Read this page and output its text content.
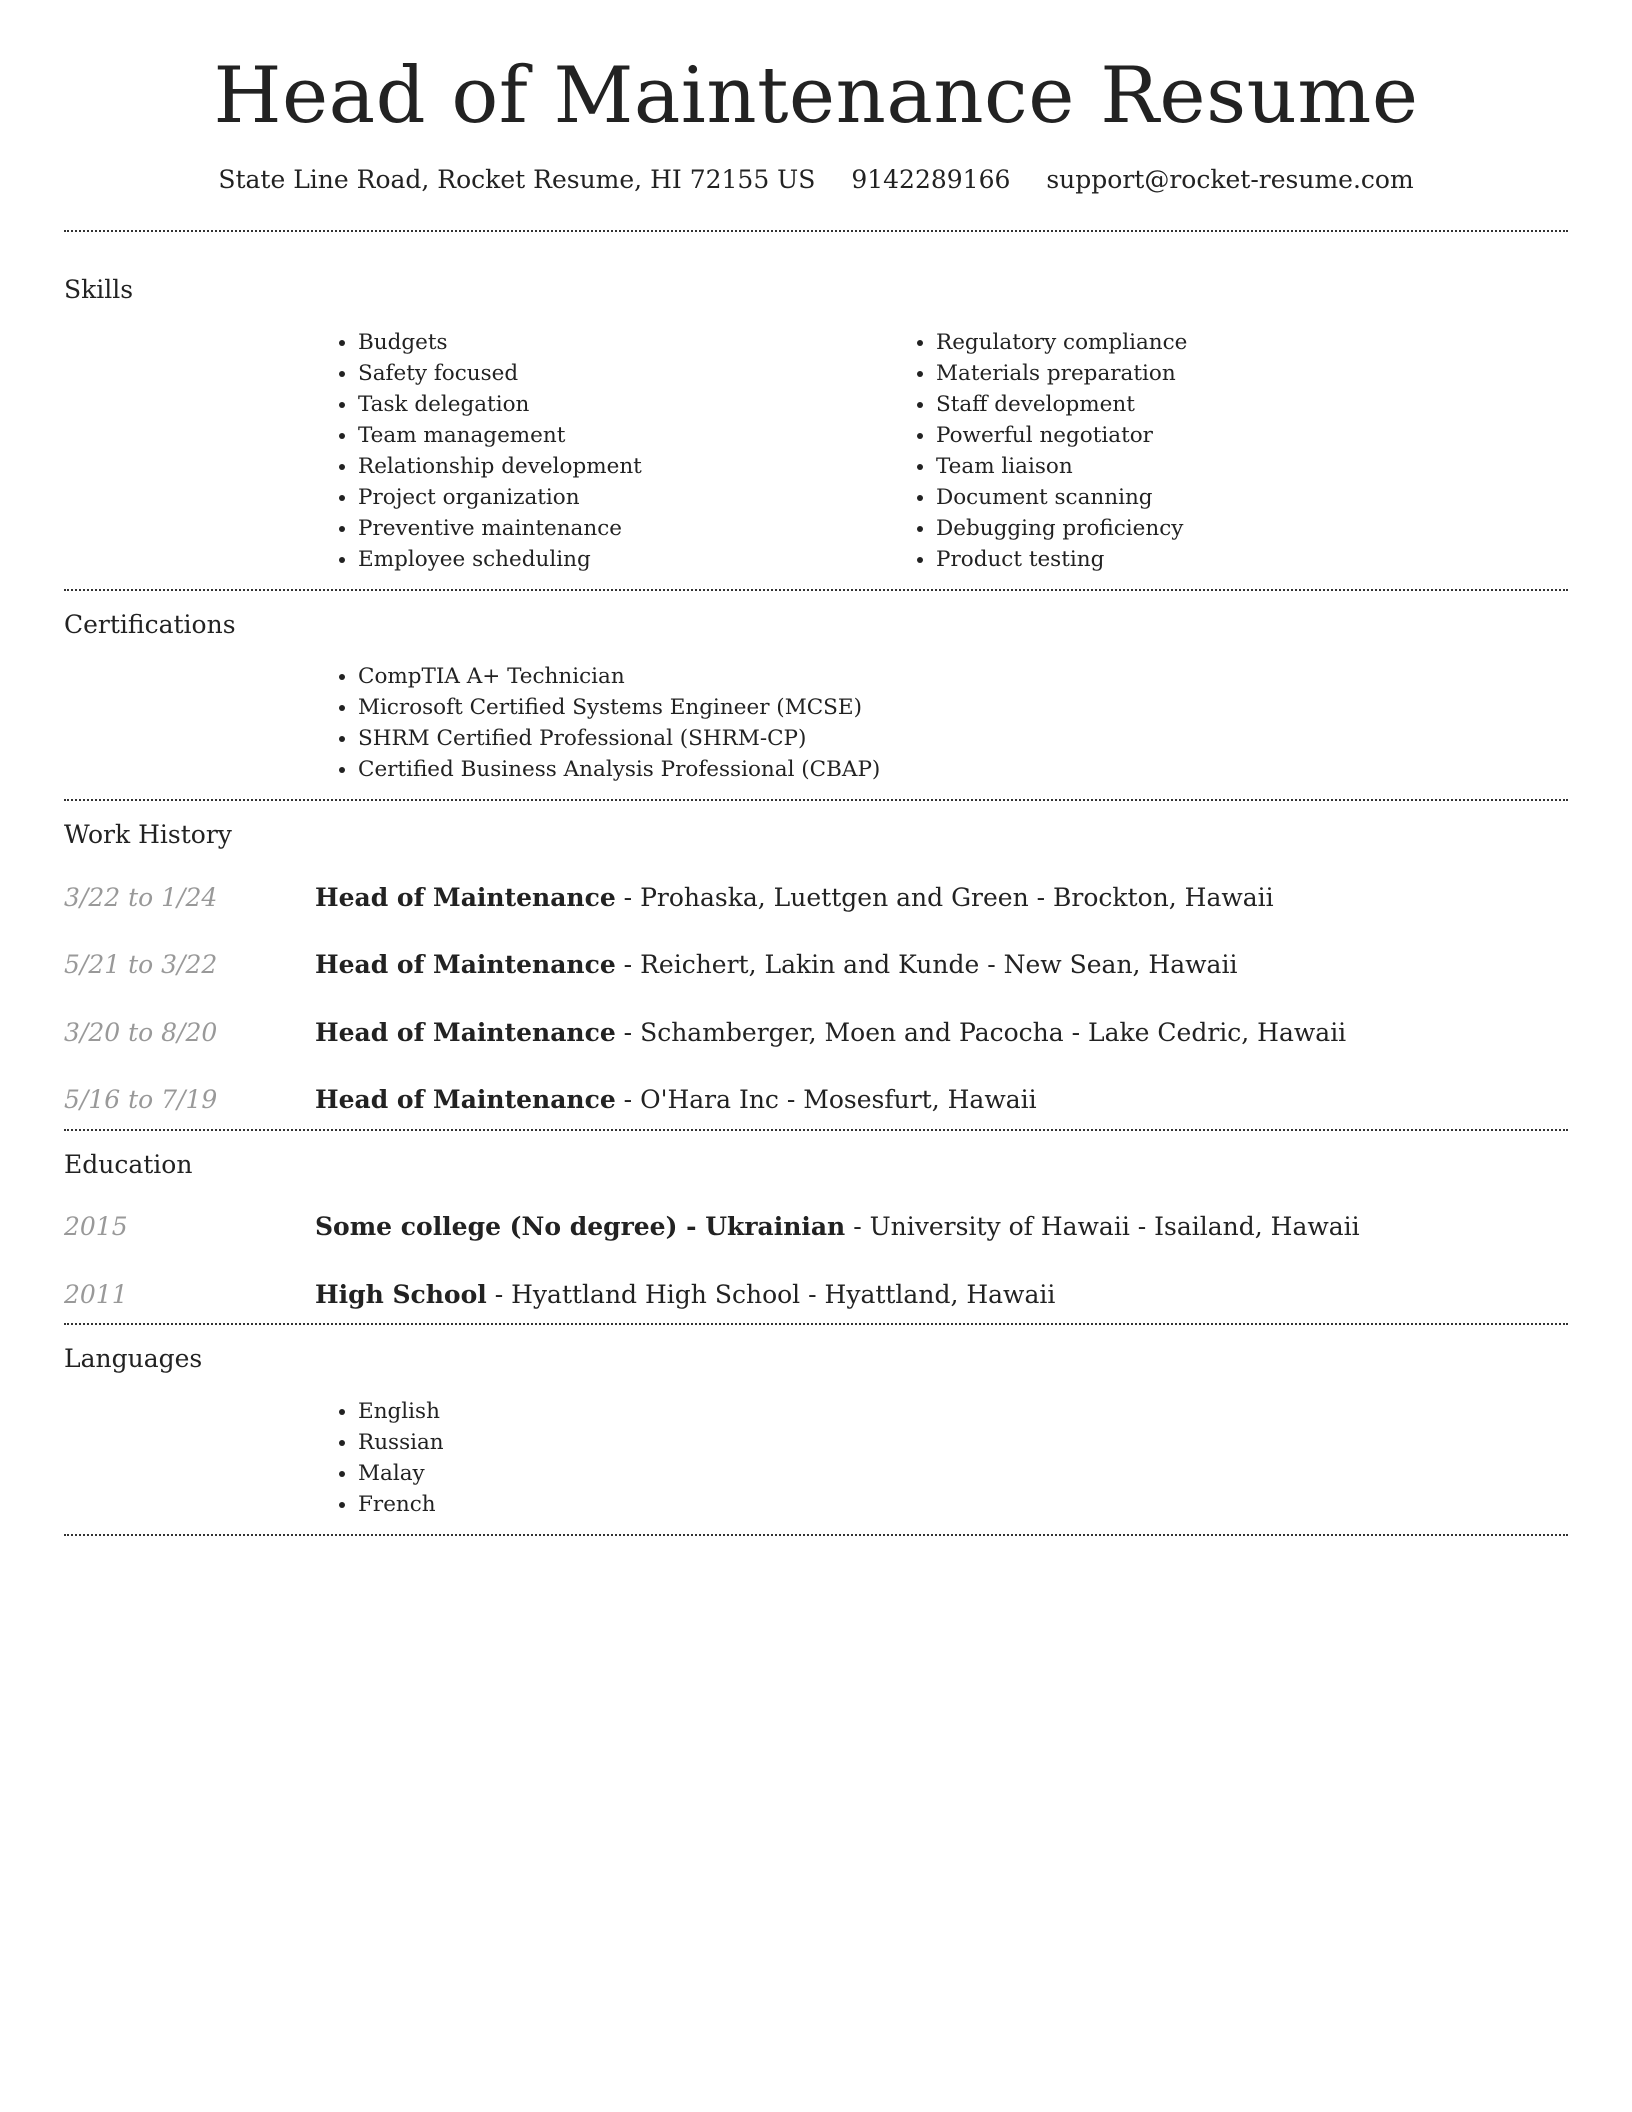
Head of Maintenance Resume
State Line Road, Rocket Resume, HI 72155 US 9142289166 support@rocket-resume.com
Skills
• Budgets
• Safety focused
• Task delegation
• Team management
• Relationship development
• Project organization
• Preventive maintenance
• Employee scheduling
• Regulatory compliance
• Materials preparation
• Staff development
• Powerful negotiator
• Team liaison
• Document scanning
• Debugging proficiency
• Product testing
Certifications
• CompTIA A+ Technician
• Microsoft Certified Systems Engineer (MCSE)
• SHRM Certified Professional (SHRM-CP)
• Certified Business Analysis Professional (CBAP)
Work History
3/22 to 1/24	Head of Maintenance - Prohaska, Luettgen and Green - Brockton, Hawaii
5/21 to 3/22	Head of Maintenance - Reichert, Lakin and Kunde - New Sean, Hawaii
3/20 to 8/20	Head of Maintenance - Schamberger, Moen and Pacocha - Lake Cedric, Hawaii
5/16 to 7/19	Head of Maintenance - O'Hara Inc - Mosesfurt, Hawaii
Education
2015	Some college (No degree) - Ukrainian - University of Hawaii - Isailand, Hawaii
2011	High School - Hyattland High School - Hyattland, Hawaii
Languages
• English
• Russian
• Malay
• French
